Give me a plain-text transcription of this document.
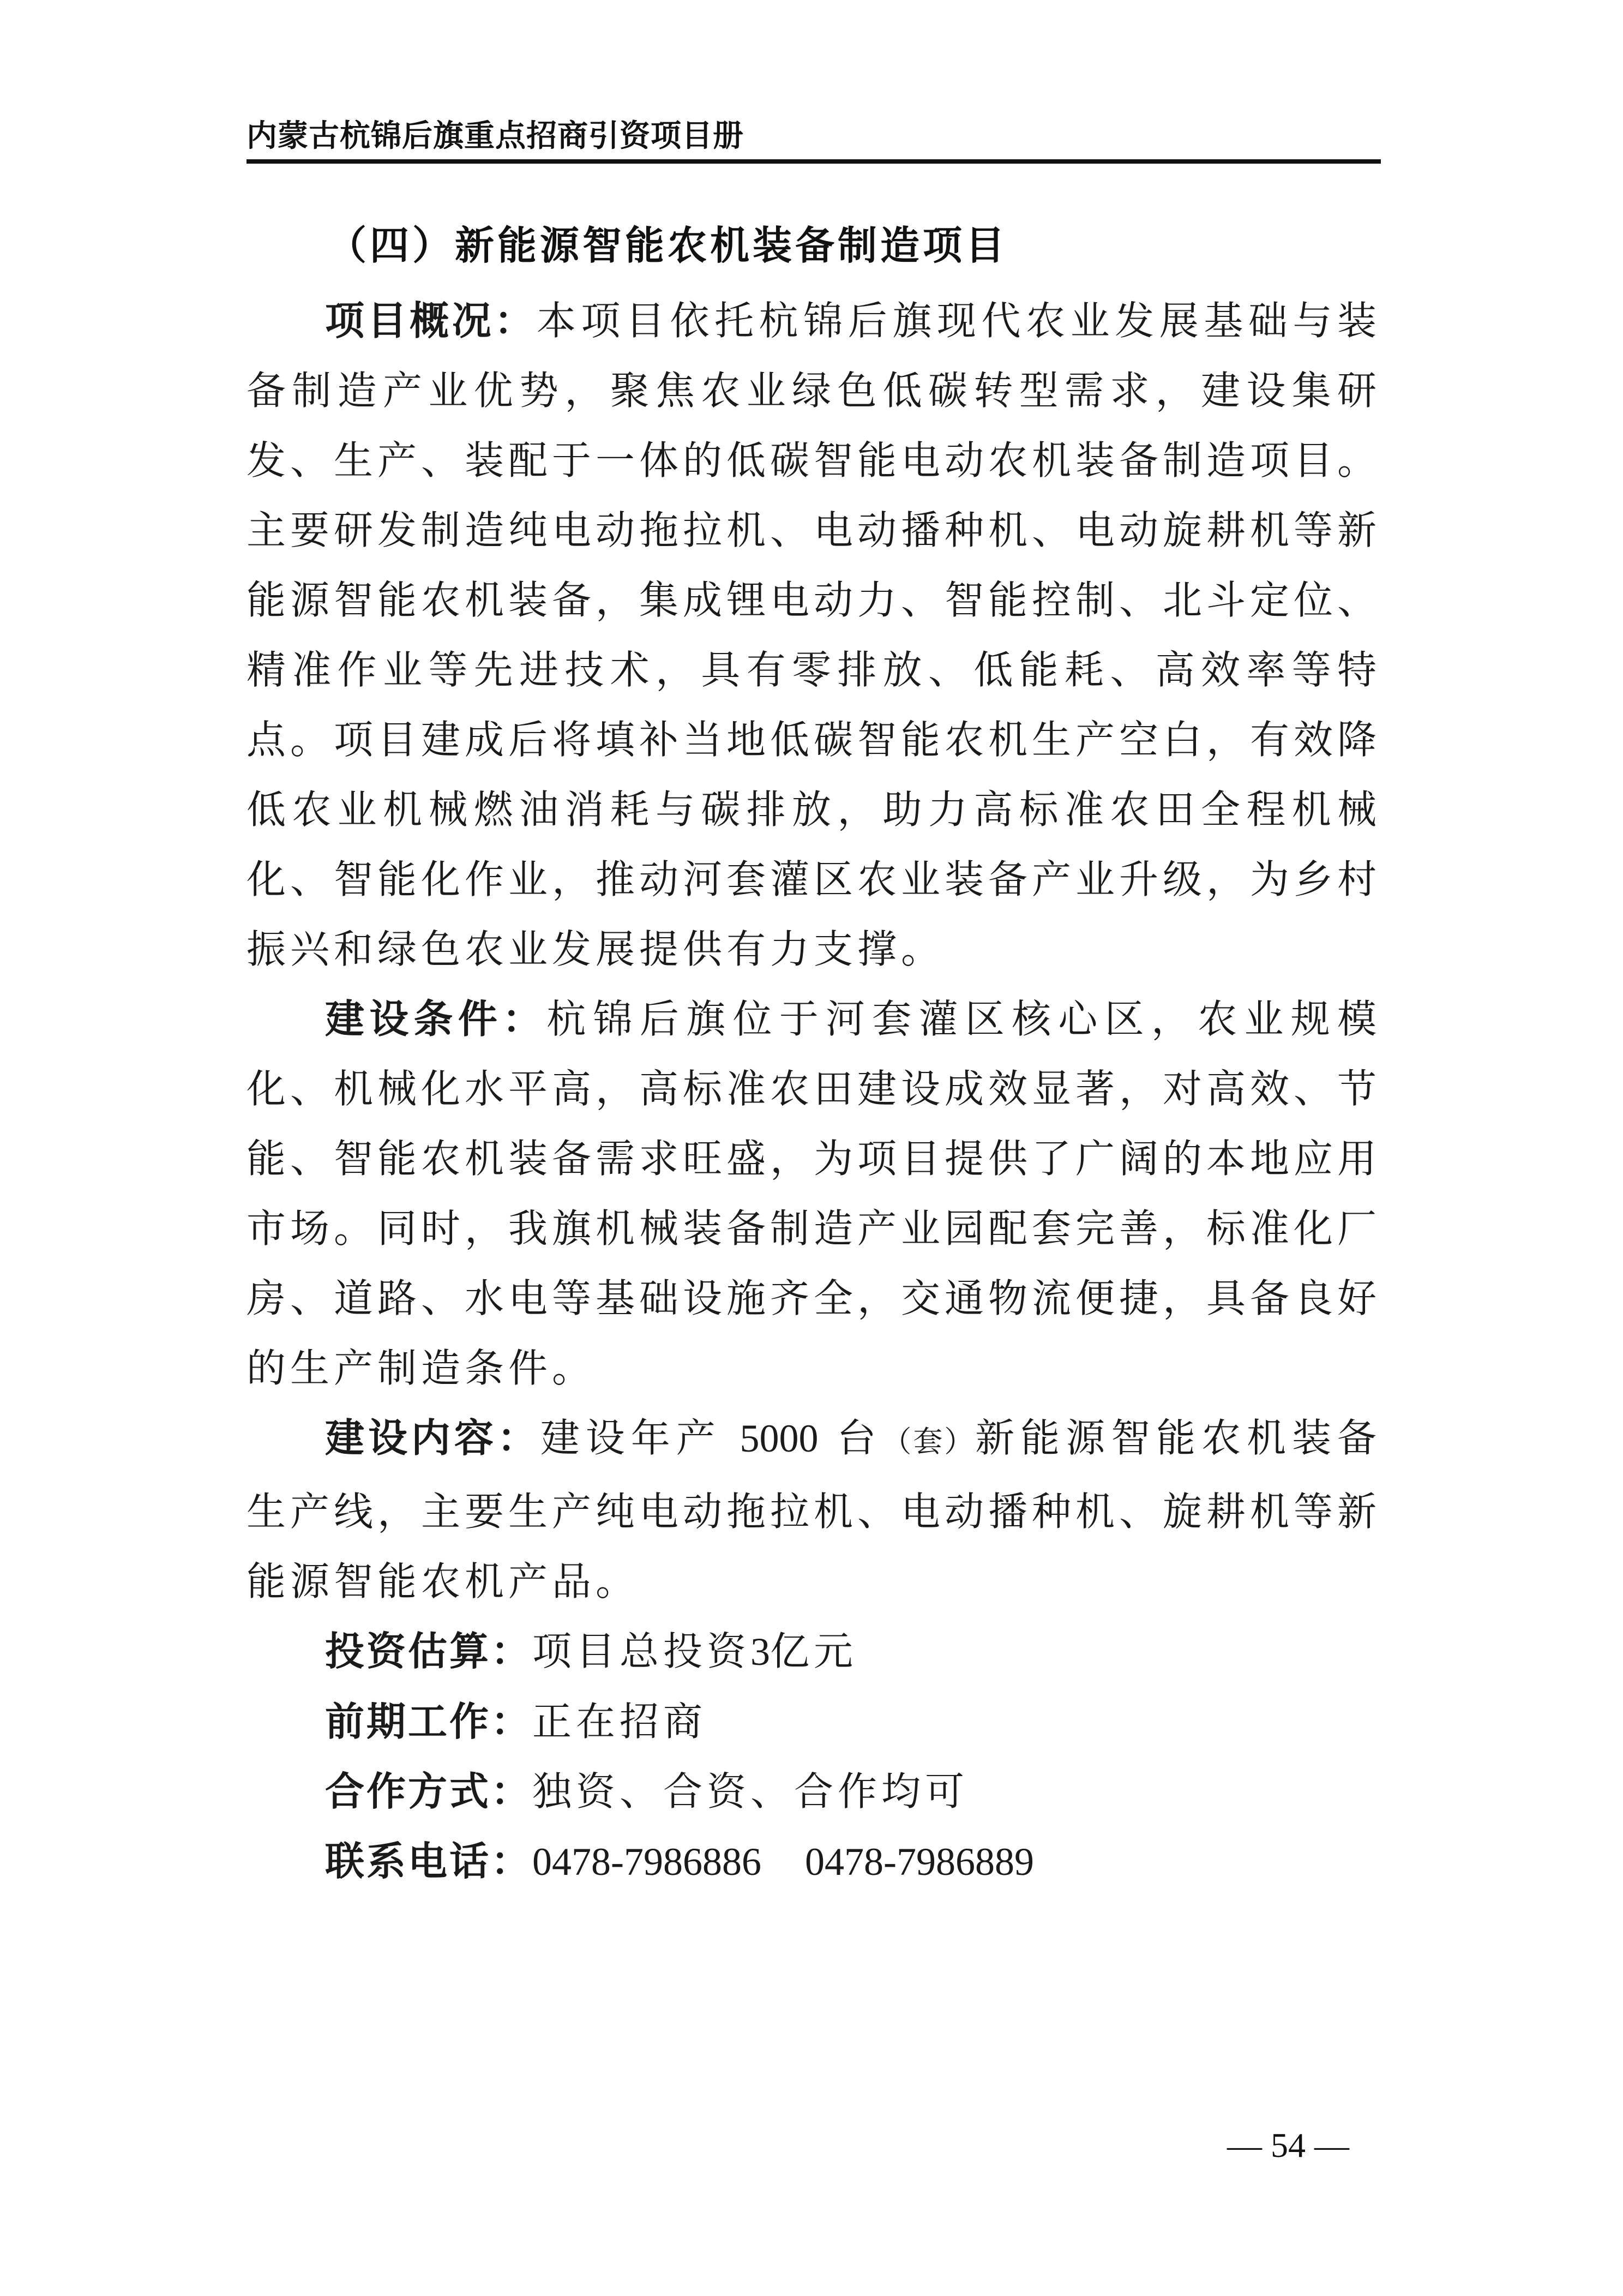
内蒙古杭锦后旗重点招商引资项目册
（四）新能源智能农机装备制造项目

项目概况：本项目依托杭锦后旗现代农业发展基础与装备制造产业优势，聚焦农业绿色低碳转型需求，建设集研发、生产、装配于一体的低碳智能电动农机装备制造项目。主要研发制造纯电动拖拉机、电动播种机、电动旋耕机等新能源智能农机装备，集成锂电动力、智能控制、北斗定位、精准作业等先进技术，具有零排放、低能耗、高效率等特点。项目建成后将填补当地低碳智能农机生产空白，有效降低农业机械燃油消耗与碳排放，助力高标准农田全程机械化、智能化作业，推动河套灌区农业装备产业升级，为乡村振兴和绿色农业发展提供有力支撑。

建设条件：杭锦后旗位于河套灌区核心区，农业规模化、机械化水平高，高标准农田建设成效显著，对高效、节能、智能农机装备需求旺盛，为项目提供了广阔的本地应用市场。同时，我旗机械装备制造产业园配套完善，标准化厂房、道路、水电等基础设施齐全，交通物流便捷，具备良好的生产制造条件。

建设内容：建设年产 5000 台（套）新能源智能农机装备生产线，主要生产纯电动拖拉机、电动播种机、旋耕机等新能源智能农机产品。

投资估算：项目总投资3亿元

前期工作：正在招商

合作方式：独资、合资、合作均可

联系电话：0478-7986886 0478-7986889

— 54 —
